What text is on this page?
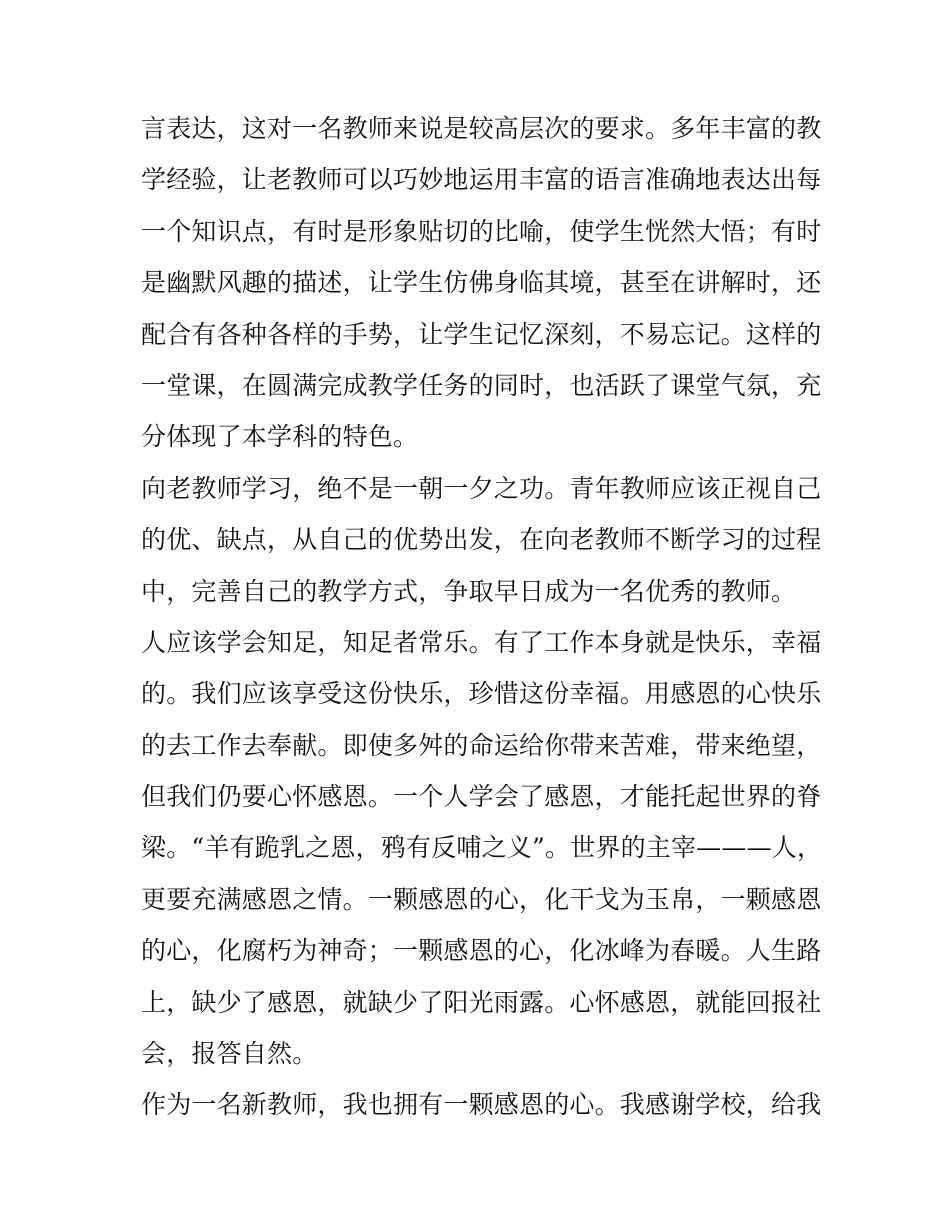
言表达，这对一名教师来说是较高层次的要求。多年丰富的教
学经验，让老教师可以巧妙地运用丰富的语言准确地表达出每
一个知识点，有时是形象贴切的比喻，使学生恍然大悟；有时
是幽默风趣的描述，让学生仿佛身临其境，甚至在讲解时，还
配合有各种各样的手势，让学生记忆深刻，不易忘记。这样的
一堂课，在圆满完成教学任务的同时，也活跃了课堂气氛，充
分体现了本学科的特色。
向老教师学习，绝不是一朝一夕之功。青年教师应该正视自己
的优、缺点，从自己的优势出发，在向老教师不断学习的过程
中，完善自己的教学方式，争取早日成为一名优秀的教师。
人应该学会知足，知足者常乐。有了工作本身就是快乐，幸福
的。我们应该享受这份快乐，珍惜这份幸福。用感恩的心快乐
的去工作去奉献。即使多舛的命运给你带来苦难，带来绝望，
但我们仍要心怀感恩。一个人学会了感恩，才能托起世界的脊
梁。“羊有跪乳之恩，鸦有反哺之义”。世界的主宰———人，
更要充满感恩之情。一颗感恩的心，化干戈为玉帛，一颗感恩
的心，化腐朽为神奇；一颗感恩的心，化冰峰为春暖。人生路
上，缺少了感恩，就缺少了阳光雨露。心怀感恩，就能回报社
会，报答自然。
作为一名新教师，我也拥有一颗感恩的心。我感谢学校，给我
